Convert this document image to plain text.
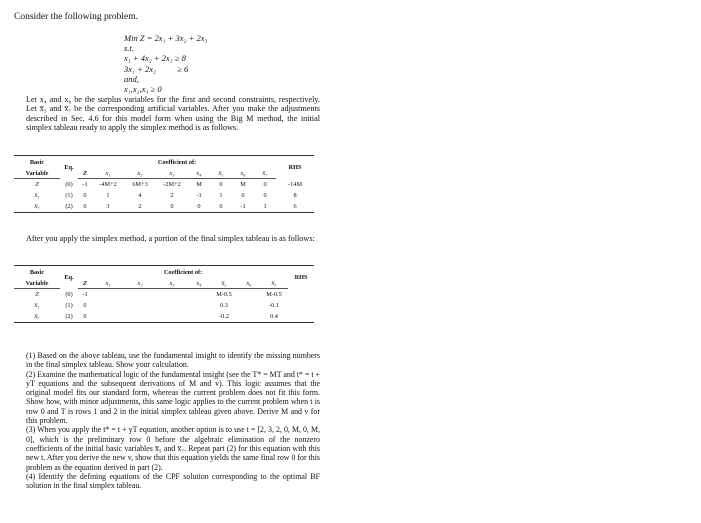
Consider the following problem.
Min Z = 2x₁ + 3x₂ + 2x₃
s.t.
x₁ + 4x₂ + 2x₃ ≥ 8
3x₁ + 2x₂          ≥ 6
and,
x₁,x₂,x₃ ≥ 0
Let x₄ and x₆ be the surplus variables for the first and second constraints, respectively. Let x̅₅ and x̅₇ be the corresponding artificial variables. After you make the adjustments described in Sec. 4.6 for this model form when using the Big M method, the initial simplex tableau ready to apply the simplex method is as follows.
Basic	Eq.	Coefficient of:								RHS
Variable		Z	x₁	x₂	x₃	x₄	x̅₅	x₆	x̅₇	
Z	(0)	-1	-4M+2	6M+3	-2M+2	M	0	M	0	-14M
x̅₅	(1)	0	1	4	2	-1	1	0	0	8
x̅₇	(2)	0	3	2	0	0	0	-1	1	6
After you apply the simplex method, a portion of the final simplex tableau is as follows:
Basic	Eq.	Coefficient of:								RHS
Variable		Z	x₁	x₂	x₃	x₄	x̅₅	x₆	x̅₇	
Z	(0)	-1					M-0.5		M-0.5	
x̅₅	(1)	0					0.3		-0.1	
x̅₇	(2)	0					-0.2		0.4	
(1) Based on the above tableau, use the fundamental insight to identify the missing numbers in the final simplex tableau. Show your calculation.
(2) Examine the mathematical logic of the fundamental insight (see the T* = MT and t* = t + yT equations and the subsequent derivations of M and v). This logic assumes that the original model fits our standard form, whereas the current problem does not fit this form. Show how, with minor adjustments, this same logic applies to the current problem when t is row 0 and T is rows 1 and 2 in the initial simplex tableau given above. Derive M and v for this problem.
(3) When you apply the t* = t + yT equation, another option is to use t = [2, 3, 2, 0, M, 0, M, 0], which is the preliminary row 0 before the algebraic elimination of the nonzero coefficients of the initial basic variables x̅₅ and x̅₇. Repeat part (2) for this equation with this new t. After you derive the new v, show that this equation yields the same final row 0 for this problem as the equation derived in part (2).
(4) Identify the defining equations of the CPF solution corresponding to the optimal BF solution in the final simplex tableau.
